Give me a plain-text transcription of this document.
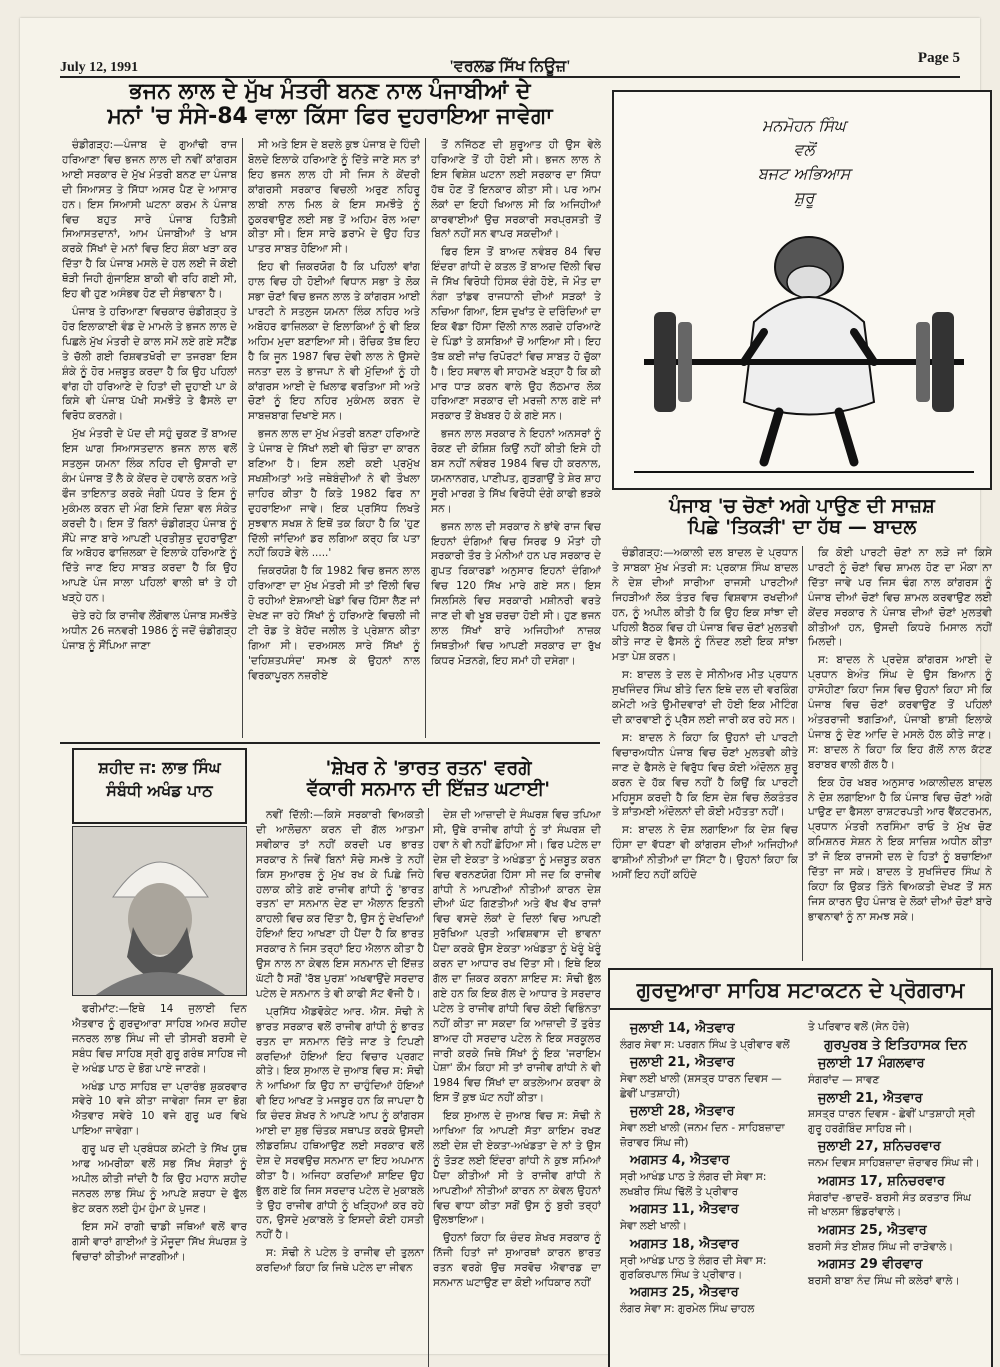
July 12, 1991	'ਵਰਲਡ ਸਿੱਖ ਨਿਊਜ਼'	Page 5
ਭਜਨ ਲਾਲ ਦੇ ਮੁੱਖ ਮੰਤਰੀ ਬਨਣ ਨਾਲ ਪੰਜਾਬੀਆਂ ਦੇ
ਮਨਾਂ 'ਚ ਸੰਸੇ-84 ਵਾਲਾ ਕਿੱਸਾ ਫਿਰ ਦੁਹਰਾਇਆ ਜਾਵੇਗਾ

ਚੰਡੀਗੜ੍ਹ:—ਪੰਜਾਬ ਦੇ ਗੁਆਂਢੀ ਰਾਜ ਹਰਿਆਣਾ ਵਿਚ ਭਜਨ ਲਾਲ ਦੀ ਨਵੀਂ ਕਾਂਗਰਸ ਆਈ ਸਰਕਾਰ ਦੇ ਮੁੱਖ ਮੰਤਰੀ ਬਨਣ ਦਾ ਪੰਜਾਬ ਦੀ ਸਿਆਸਤ ਤੇ ਸਿੱਧਾ ਅਸਰ ਪੈਣ ਦੇ ਆਸਾਰ ਹਨ। ਇਸ ਸਿਆਸੀ ਘਟਨਾ ਕਰਮ ਨੇ ਪੰਜਾਬ ਵਿਚ ਬਹੁਤ ਸਾਰੇ ਪੰਜਾਬ ਹਿਤੈਸ਼ੀ ਸਿਆਸਤਦਾਨਾਂ, ਆਮ ਪੰਜਾਬੀਆਂ ਤੇ ਖਾਸ ਕਰਕੇ ਸਿੱਖਾਂ ਦੇ ਮਨਾਂ ਵਿਚ ਇਹ ਸ਼ੰਕਾ ਖੜਾ ਕਰ ਦਿੱਤਾ ਹੈ ਕਿ ਪੰਜਾਬ ਮਸਲੇ ਦੇ ਹਲ ਲਈ ਜੋ ਕੋਈ ਥੋੜੀ ਜਿਹੀ ਗੁੰਜਾਇਸ਼ ਬਾਕੀ ਵੀ ਰਹਿ ਗਈ ਸੀ, ਇਹ ਵੀ ਹੁਣ ਅਸੰਭਵ ਹੋਣ ਦੀ ਸੰਭਾਵਨਾ ਹੈ।

ਪੰਜਾਬ ਤੇ ਹਰਿਆਣਾ ਵਿਚਕਾਰ ਚੰਡੀਗੜ੍ਹ ਤੇ ਹੋਰ ਇਲਾਕਾਈ ਵੰਡ ਦੇ ਮਾਮਲੇ ਤੇ ਭਜਨ ਲਾਲ ਦੇ ਪਿਛਲੇ ਮੁੱਖ ਮੰਤਰੀ ਦੇ ਕਾਲ ਸਮੇਂ ਲਏ ਗਏ ਸਟੈਂਡ ਤੇ ਚੱਲੀ ਗਈ ਰਿਸ਼ਵਤਖੋਰੀ ਦਾ ਤਜਰਬਾ ਇਸ ਸ਼ੰਕੇ ਨੂੰ ਹੋਰ ਮਜ਼ਬੂਤ ਕਰਦਾ ਹੈ ਕਿ ਉਹ ਪਹਿਲਾਂ ਵਾਂਗ ਹੀ ਹਰਿਆਣੇ ਦੇ ਹਿਤਾਂ ਦੀ ਦੁਹਾਈ ਪਾ ਕੇ ਕਿਸੇ ਵੀ ਪੰਜਾਬ ਪੱਖੀ ਸਮਝੌਤੇ ਤੇ ਫੈਸਲੇ ਦਾ ਵਿਰੋਧ ਕਰਨਗੇ।

ਮੁੱਖ ਮੰਤਰੀ ਦੇ ਪੱਦ ਦੀ ਸਹੁੰ ਚੁਕਣ ਤੋਂ ਬਾਅਦ ਇਸ ਘਾਗ ਸਿਆਸਤਦਾਨ ਭਜਨ ਲਾਲ ਵਲੋਂ ਸਤਲੁਜ ਯਮਨਾ ਲਿੰਕ ਨਹਿਰ ਦੀ ਉਸਾਰੀ ਦਾ ਕੰਮ ਪੰਜਾਬ ਤੋਂ ਲੈ ਕੇ ਕੇਂਦਰ ਦੇ ਹਵਾਲੇ ਕਰਨ ਅਤੇ ਫੌਜ ਤਾਇਨਾਤ ਕਰਕੇ ਜੰਗੀ ਪੱਧਰ ਤੇ ਇਸ ਨੂੰ ਮੁਕੰਮਲ ਕਰਨ ਦੀ ਮੰਗ ਇਸੇ ਦਿਸ਼ਾ ਵਲ ਸੰਕੇਤ ਕਰਦੀ ਹੈ। ਇਸ ਤੋਂ ਬਿਨਾਂ ਚੰਡੀਗੜ੍ਹ ਪੰਜਾਬ ਨੂੰ ਸੌਂਪੇ ਜਾਣ ਬਾਰੇ ਆਪਣੀ ਪ੍ਰਤੀਸ਼ੁਤ ਦੁਹਰਾਉਣਾ ਕਿ ਅਬੋਹਰ ਫਾਜ਼ਿਲਕਾ ਦੇ ਇਲਾਕੇ ਹਰਿਆਣੇ ਨੂੰ ਦਿੱਤੇ ਜਾਣ ਇਹ ਸਾਬਤ ਕਰਦਾ ਹੈ ਕਿ ਉਹ ਆਪਣੇ ਪੰਜ ਸਾਲਾ ਪਹਿਲਾਂ ਵਾਲੀ ਥਾਂ ਤੇ ਹੀ ਖੜ੍ਹੇ ਹਨ।

ਚੇਤੇ ਰਹੇ ਕਿ ਰਾਜੀਵ ਲੌਂਗੋਵਾਲ ਪੰਜਾਬ ਸਮਝੌਤੇ ਅਧੀਨ 26 ਜਨਵਰੀ 1986 ਨੂੰ ਜਦੋਂ ਚੰਡੀਗੜ੍ਹ ਪੰਜਾਬ ਨੂੰ ਸੌਂਪਿਆ ਜਾਣਾ

ਸੀ ਅਤੇ ਇਸ ਦੇ ਬਦਲੇ ਕੁਝ ਪੰਜਾਬ ਦੇ ਹਿੰਦੀ ਬੋਲਦੇ ਇਲਾਕੇ ਹਰਿਆਣੇ ਨੂੰ ਦਿੱਤੇ ਜਾਣੇ ਸਨ ਤਾਂ ਇਹ ਭਜਨ ਲਾਲ ਹੀ ਸੀ ਜਿਸ ਨੇ ਕੇਂਦਰੀ ਕਾਂਗਰਸੀ ਸਰਕਾਰ ਵਿਚਲੀ ਅਰੁਣ ਨਹਿਰੂ ਲਾਬੀ ਨਾਲ ਮਿਲ ਕੇ ਇਸ ਸਮਝੌਤੇ ਨੂੰ ਠੁਕਰਵਾਉਣ ਲਈ ਸਭ ਤੋਂ ਅਹਿਮ ਰੋਲ ਅਦਾ ਕੀਤਾ ਸੀ। ਇਸ ਸਾਰੇ ਡਰਾਮੇ ਦੇ ਉਹ ਹਿਤ ਪਾਤਰ ਸਾਬਤ ਹੋਇਆ ਸੀ।

ਇਹ ਵੀ ਜ਼ਿਕਰਯੋਗ ਹੈ ਕਿ ਪਹਿਲਾਂ ਵਾਂਗ ਹਾਲ ਵਿਚ ਹੀ ਹੋਈਆਂ ਵਿਧਾਨ ਸਭਾ ਤੇ ਲੋਕ ਸਭਾ ਚੋਣਾਂ ਵਿਚ ਭਜਨ ਲਾਲ ਤੇ ਕਾਂਗਰਸ ਆਈ ਪਾਰਟੀ ਨੇ ਸਤਲੁਜ ਯਮਨਾ ਲਿੰਕ ਨਹਿਰ ਅਤੇ ਅਬੋਹਰ ਫਾਜ਼ਿਲਕਾ ਦੇ ਇਲਾਕਿਆਂ ਨੂੰ ਵੀ ਇਕ ਅਹਿਮ ਮੁਦਾ ਬਣਾਇਆ ਸੀ। ਰੌਚਿਕ ਤੱਥ ਇਹ ਹੈ ਕਿ ਜੂਨ 1987 ਵਿਚ ਦੇਵੀ ਲਾਲ ਨੇ ਉਸਦੇ ਜਨਤਾ ਦਲ ਤੇ ਭਾਜਪਾ ਨੇ ਵੀ ਮੁੱਦਿਆਂ ਨੂੰ ਹੀ ਕਾਂਗਰਸ ਆਈ ਦੇ ਖਿਲਾਫ ਵਰਤਿਆ ਸੀ ਅਤੇ ਚੋਣਾਂ ਨੂੰ ਇਹ ਨਹਿਰ ਮੁਕੰਮਲ ਕਰਨ ਦੇ ਸਾਬਜ਼ਬਾਗ ਦਿਖਾਏ ਸਨ।

ਭਜਨ ਲਾਲ ਦਾ ਮੁੱਖ ਮੰਤਰੀ ਬਨਣਾ ਹਰਿਆਣੇ ਤੇ ਪੰਜਾਬ ਦੇ ਸਿੱਖਾਂ ਲਈ ਵੀ ਚਿੰਤਾ ਦਾ ਕਾਰਨ ਬਣਿਆ ਹੈ। ਇਸ ਲਈ ਕਈ ਪ੍ਰਮੁੱਖ ਸਖਸ਼ੀਅਤਾਂ ਅਤੇ ਜਥੇਬੰਦੀਆਂ ਨੇ ਵੀ ਤੌਖਲਾ ਜ਼ਾਹਿਰ ਕੀਤਾ ਹੈ ਕਿਤੇ 1982 ਫਿਰ ਨਾ ਦੁਹਰਾਇਆ ਜਾਵੇ। ਇਕ ਪ੍ਰਸਿੱਧ ਲਿਖਤੇ ਸੁਝਵਾਨ ਸਖਸ਼ ਨੇ ਇਥੋਂ ਤਕ ਕਿਹਾ ਹੈ ਕਿ 'ਹੁਣ ਦਿੱਲੀ ਜਾਂਦਿਆਂ ਡਰ ਲਗਿਆ ਕਰ੍ਹ ਕਿ ਪਤਾ ਨਹੀਂ ਕਿਹੜੇ ਵੇਲੇ .....'

ਜ਼ਿਕਰਯੋਗ ਹੈ ਕਿ 1982 ਵਿਚ ਭਜਨ ਲਾਲ ਹਰਿਆਣਾ ਦਾ ਮੁੱਖ ਮੰਤਰੀ ਸੀ ਤਾਂ ਦਿੱਲੀ ਵਿਚ ਹੋ ਰਹੀਆਂ ਏਸ਼ਆਈ ਖੇਡਾਂ ਵਿਚ ਹਿੱਸਾ ਲੈਣ ਜਾਂ ਦੇਖਣ ਜਾ ਰਹੇ ਸਿੱਖਾਂ ਨੂੰ ਹਰਿਆਣੇ ਵਿਚਲੀ ਜੀ ਟੀ ਰੋਡ ਤੇ ਬੇਹੱਦ ਜਲੀਲ ਤੇ ਪ੍ਰੇਸ਼ਾਨ ਕੀਤਾ ਗਿਆ ਸੀ। ਦਰਅਸਲ ਸਾਰੇ ਸਿੱਖਾਂ ਨੂੰ 'ਦਹਿਸ਼ਤਪਸੰਦ' ਸਮਝ ਕੇ ਉਹਨਾਂ ਨਾਲ ਵਿਰਕਾਪੂਰਨ ਨਜ਼ਰੀਏ

ਤੋਂ ਨਜਿੱਠਣ ਦੀ ਸ਼ੁਰੂਆਤ ਹੀ ਉਸ ਵੇਲੇ ਹਰਿਆਣੇ ਤੋਂ ਹੀ ਹੋਈ ਸੀ। ਭਜਨ ਲਾਲ ਨੇ ਇਸ ਵਿਸ਼ੇਸ਼ ਘਟਨਾ ਲਈ ਸਰਕਾਰ ਦਾ ਸਿੱਧਾ ਹੱਥ ਹੋਣ ਤੋਂ ਇਨਕਾਰ ਕੀਤਾ ਸੀ। ਪਰ ਆਮ ਲੋਕਾਂ ਦਾ ਇਹੀ ਖਿਆਲ ਸੀ ਕਿ ਅਜਿਹੀਆਂ ਕਾਰਵਾਈਆਂ ਉਚ ਸਰਕਾਰੀ ਸਰਪ੍ਰਸਤੀ ਤੋਂ ਬਿਨਾਂ ਨਹੀਂ ਸਨ ਵਾਪਰ ਸਕਦੀਆਂ।

ਫਿਰ ਇਸ ਤੋਂ ਬਾਅਦ ਨਵੰਬਰ 84 ਵਿਚ ਇੰਦਰਾ ਗਾਂਧੀ ਦੇ ਕਤਲ ਤੋਂ ਬਾਅਦ ਦਿੱਲੀ ਵਿਚ ਜੋ ਸਿੱਖ ਵਿਰੋਧੀ ਹਿੰਸਕ ਦੰਗੇ ਹੋਏ, ਜੋ ਮੌਤ ਦਾ ਨੰਗਾ ਤਾਂਡਵ ਰਾਜਧਾਨੀ ਦੀਆਂ ਸੜਕਾਂ ਤੇ ਨਚਿਆ ਗਿਆ, ਇਸ ਦੁਖਾਂਤ ਦੇ ਦਰਿੰਦਿਆਂ ਦਾ ਇਕ ਵੱਡਾ ਹਿੱਸਾ ਦਿੱਲੀ ਨਾਲ ਲਗਦੇ ਹਰਿਆਣੇ ਦੇ ਪਿੰਡਾਂ ਤੇ ਕਸਬਿਆਂ ਚੋਂ ਆਇਆ ਸੀ। ਇਹ ਤੱਥ ਕਈ ਜਾਂਚ ਰਿਪੋਰਟਾਂ ਵਿਚ ਸਾਬਤ ਹੋ ਚੁੱਕਾ ਹੈ। ਇਹ ਸਵਾਲ ਵੀ ਸਾਹਮਣੇ ਖੜ੍ਹਾ ਹੈ ਕਿ ਕੀ ਮਾਰ ਧਾੜ ਕਰਨ ਵਾਲੇ ਉਹ ਲੱਠਮਾਰ ਲੋਕ ਹਰਿਆਣਾ ਸਰਕਾਰ ਦੀ ਮਰਜ਼ੀ ਨਾਲ ਗਏ ਜਾਂ ਸਰਕਾਰ ਤੋਂ ਬੇਖਬਰ ਹੋ ਕੇ ਗਏ ਸਨ।

ਭਜਨ ਲਾਲ ਸਰਕਾਰ ਨੇ ਇਹਨਾਂ ਅਨਸਰਾਂ ਨੂੰ ਰੋਕਣ ਦੀ ਕੋਸ਼ਿਸ਼ ਕਿਉਂ ਨਹੀਂ ਕੀਤੀ ਇਸੇ ਹੀ ਬਸ ਨਹੀਂ ਨਵੰਬਰ 1984 ਵਿਚ ਹੀ ਕਰਨਾਲ, ਯਮਨਾਨਗਰ, ਪਾਣੀਪਤ, ਗੁੜਗਾਉਂ ਤੇ ਸ਼ੇਰ ਸ਼ਾਹ ਸੂਰੀ ਮਾਰਗ ਤੇ ਸਿੱਖ ਵਿਰੋਧੀ ਦੰਗੇ ਕਾਫੀ ਭੜਕੇ ਸਨ।

ਭਜਨ ਲਾਲ ਦੀ ਸਰਕਾਰ ਨੇ ਭਾਂਵੇ ਰਾਜ ਵਿਚ ਇਹਨਾਂ ਦੰਗਿਆਂ ਵਿਚ ਸਿਰਫ 9 ਮੌਤਾਂ ਹੀ ਸਰਕਾਰੀ ਤੌਰ ਤੇ ਮੰਨੀਆਂ ਹਨ ਪਰ ਸਰਕਾਰ ਦੇ ਗੁਪਤ ਰਿਕਾਰਡਾਂ ਅਨੁਸਾਰ ਇਹਨਾਂ ਦੰਗਿਆਂ ਵਿਚ 120 ਸਿੱਖ ਮਾਰੇ ਗਏ ਸਨ। ਇਸ ਸਿਲਸਿਲੇ ਵਿਚ ਸਰਕਾਰੀ ਮਸ਼ੀਨਰੀ ਵਰਤੇ ਜਾਣ ਦੀ ਵੀ ਖੂਬ ਚਰਚਾ ਹੋਈ ਸੀ। ਹੁਣ ਭਜਨ ਲਾਲ ਸਿੱਖਾਂ ਬਾਰੇ ਅਜਿਹੀਆਂ ਨਾਜ਼ਕ ਸਿਥਤੀਆਂ ਵਿਚ ਆਪਣੀ ਸਰਕਾਰ ਦਾ ਰੁੱਖ ਕਿਧਰ ਮੋੜਨਗੇ, ਇਹ ਸਮਾਂ ਹੀ ਦਸੇਗਾ।

ਮਨਮੋਹਨ ਸਿੰਘ
ਵਲੋਂ
ਬਜਟ ਅਭਿਆਸ
ਸ਼ੁਰੂ
ਪੰਜਾਬ 'ਚ ਚੋਣਾਂ ਅਗੇ ਪਾਉਣ ਦੀ ਸਾਜ਼ਸ਼
ਪਿਛੇ 'ਤਿਕੜੀ' ਦਾ ਹੱਥ — ਬਾਦਲ

ਚੰਡੀਗੜ੍ਹ:—ਅਕਾਲੀ ਦਲ ਬਾਦਲ ਦੇ ਪ੍ਰਧਾਨ ਤੇ ਸਾਬਕਾ ਮੁੱਖ ਮੰਤਰੀ ਸ: ਪ੍ਰਕਾਸ਼ ਸਿੰਘ ਬਾਦਲ ਨੇ ਦੇਸ਼ ਦੀਆਂ ਸਾਰੀਆ ਰਾਜਸੀ ਪਾਰਟੀਆਂ ਜਿਹੜੀਆਂ ਲੋਕ ਤੰਤਰ ਵਿਚ ਵਿਸ਼ਵਾਸ ਰਖਦੀਆਂ ਹਨ, ਨੂੰ ਅਪੀਲ ਕੀਤੀ ਹੈ ਕਿ ਉਹ ਇਕ ਸਾਂਝਾ ਦੀ ਪਹਿਲੀ ਬੈਠਕ ਵਿਚ ਹੀ ਪੰਜਾਬ ਵਿਚ ਚੋਣਾਂ ਮੁਲਤਵੀ ਕੀਤੇ ਜਾਣ ਦੇ ਫੈਸਲੇ ਨੂੰ ਨਿੰਦਣ ਲਈ ਇਕ ਸਾਂਝਾ ਮਤਾ ਪੇਸ਼ ਕਰਨ।

ਸ: ਬਾਦਲ ਤੇ ਦਲ ਦੇ ਸੀਨੀਅਰ ਮੀਤ ਪ੍ਰਧਾਨ ਸੁਖਜਿੰਦਰ ਸਿੰਘ ਬੀਤੇ ਦਿਨ ਇਥੇ ਦਲ ਦੀ ਵਰਕਿੰਗ ਕਮੇਟੀ ਅਤੇ ਉਮੀਦਵਾਰਾਂ ਦੀ ਹੋਈ ਇਕ ਮੀਟਿੰਗ ਦੀ ਕਾਰਵਾਈ ਨੂੰ ਪ੍ਰੈਸ ਲਈ ਜਾਰੀ ਕਰ ਰਹੇ ਸਨ।

ਸ: ਬਾਦਲ ਨੇ ਕਿਹਾ ਕਿ ਉਹਨਾਂ ਦੀ ਪਾਰਟੀ ਵਿਚਾਰਅਧੀਨ ਪੰਜਾਬ ਵਿਚ ਚੋਣਾਂ ਮੁਲਤਵੀ ਕੀਤੇ ਜਾਣ ਦੇ ਫੈਸਲੇ ਦੇ ਵਿਰੁੱਧ ਵਿਚ ਕੋਈ ਅੰਦੋਲਨ ਸ਼ੁਰੂ ਕਰਨ ਦੇ ਹੱਕ ਵਿਚ ਨਹੀਂ ਹੈ ਕਿਉਂ ਕਿ ਪਾਰਟੀ ਮਹਿਸੂਸ ਕਰਦੀ ਹੈ ਕਿ ਇਸ ਦੇਸ਼ ਵਿਚ ਲੋਕਤੰਤਰ ਤੇ ਸ਼ਾਂਤਮਈ ਅੰਦੋਲਨਾਂ ਦੀ ਕੋਈ ਮਹੱਤਤਾ ਨਹੀਂ।

ਸ: ਬਾਦਲ ਨੇ ਦੋਸ਼ ਲਗਾਇਆ ਕਿ ਦੇਸ਼ ਵਿਚ ਹਿੰਸਾ ਦਾ ਵੱਧਣਾ ਵੀ ਕਾਂਗਰਸ ਦੀਆਂ ਅਜਿਹੀਆਂ ਫਾਸ਼ੀਆਂ ਨੀਤੀਆਂ ਦਾ ਸਿੱਟਾ ਹੈ। ਉਹਨਾਂ ਕਿਹਾ ਕਿ ਅਸੀਂ ਇਹ ਨਹੀਂ ਕਹਿੰਦੇ

ਕਿ ਕੋਈ ਪਾਰਟੀ ਚੋਣਾਂ ਨਾ ਲੜੇ ਜਾਂ ਕਿਸੇ ਪਾਰਟੀ ਨੂੰ ਚੋਣਾਂ ਵਿਚ ਸ਼ਾਮਲ ਹੋਣ ਦਾ ਮੌਕਾ ਨਾ ਦਿੱਤਾ ਜਾਵੇ ਪਰ ਜਿਸ ਢੰਗ ਨਾਲ ਕਾਂਗਰਸ ਨੂੰ ਪੰਜਾਬ ਦੀਆਂ ਚੋਣਾਂ ਵਿਚ ਸ਼ਾਮਲ ਕਰਵਾਉਣ ਲਈ ਕੇਂਦਰ ਸਰਕਾਰ ਨੇ ਪੰਜਾਬ ਦੀਆਂ ਚੋਣਾਂ ਮੁਲਤਵੀ ਕੀਤੀਆਂ ਹਨ, ਉਸਦੀ ਕਿਧਰੇ ਮਿਸਾਲ ਨਹੀਂ ਮਿਲਦੀ।

ਸ: ਬਾਦਲ ਨੇ ਪ੍ਰਦੇਸ਼ ਕਾਂਗਰਸ ਆਈ ਦੇ ਪ੍ਰਧਾਨ ਬੇਅੰਤ ਸਿੰਘ ਦੇ ਉਸ ਬਿਆਨ ਨੂੰ ਹਾਸੋਹੀਣਾ ਕਿਹਾ ਜਿਸ ਵਿਚ ਉਹਨਾਂ ਕਿਹਾ ਸੀ ਕਿ ਪੰਜਾਬ ਵਿਚ ਚੋਣਾਂ ਕਰਵਾਉਣ ਤੋਂ ਪਹਿਲਾਂ ਅੰਤਰਰਾਜੀ ਝਗੜਿਆਂ, ਪੰਜਾਬੀ ਭਾਸ਼ੀ ਇਲਾਕੇ ਪੰਜਾਬ ਨੂੰ ਦੇਣ ਆਦਿ ਦੇ ਮਸਲੇ ਹੱਲ ਕੀਤੇ ਜਾਣ। ਸ: ਬਾਦਲ ਨੇ ਕਿਹਾ ਕਿ ਇਹ ਗੱਲੋਂ ਨਾਲ ਕੱਟਣ ਬਰਾਬਰ ਵਾਲੀ ਗੱਲ ਹੈ।

ਇਕ ਹੋਰ ਖਬਰ ਅਨੁਸਾਰ ਅਕਾਲੀਦਲ ਬਾਦਲ ਨੇ ਦੋਸ਼ ਲਗਾਇਆ ਹੈ ਕਿ ਪੰਜਾਬ ਵਿਚ ਚੋਣਾਂ ਅਗੇ ਪਾਉਣ ਦਾ ਫੈਸਲਾ ਰਾਸ਼ਟਰਪਤੀ ਆਰ ਵੈਂਕਟਰਮਨ, ਪ੍ਰਧਾਨ ਮੰਤਰੀ ਨਰਸਿੰਮਾ ਰਾਓ ਤੇ ਮੁੱਖ ਚੋਣ ਕਮਿਸ਼ਨਰ ਸੇਸ਼ਨ ਨੇ ਇਕ ਸਾਜ਼ਿਸ਼ ਅਧੀਨ ਕੀਤਾ ਤਾਂ ਜੋ ਇਕ ਰਾਜਸੀ ਦਲ ਦੇ ਹਿਤਾਂ ਨੂੰ ਬਚਾਇਆ ਦਿੱਤਾ ਜਾ ਸਕੇ। ਬਾਦਲ ਤੇ ਸੁਖਜਿੰਦਰ ਸਿੰਘ ਨੇ ਕਿਹਾ ਕਿ ਉਕਤ ਤਿੰਨੇ ਵਿਅਕਤੀ ਦੇਖਣ ਤੋਂ ਸਨ ਜਿਸ ਕਾਰਨ ਉਹ ਪੰਜਾਬ ਦੇ ਲੋਕਾਂ ਦੀਆਂ ਚੋਣਾਂ ਬਾਰੇ ਭਾਵਨਾਵਾਂ ਨੂੰ ਨਾ ਸਮਝ ਸਕੇ।

ਸ਼ਹੀਦ ਜ: ਲਾਭ ਸਿੰਘ
ਸੰਬੰਧੀ ਅਖੰਡ ਪਾਠ

ਫਰੀਮਾਂਟ:—ਇਥੇ 14 ਜੁਲਾਈ ਦਿਨ ਐਤਵਾਰ ਨੂੰ ਗੁਰਦੁਆਰਾ ਸਾਹਿਬ ਅਮਰ ਸ਼ਹੀਦ ਜਨਰਲ ਲਾਭ ਸਿੰਘ ਜੀ ਦੀ ਤੀਸਰੀ ਬਰਸੀ ਦੇ ਸਬੰਧ ਵਿਚ ਸਾਹਿਬ ਸ੍ਰੀ ਗੁਰੂ ਗਰੰਥ ਸਾਹਿਬ ਜੀ ਦੇ ਅਖੰਡ ਪਾਠ ਦੇ ਭੋਗ ਪਾਏ ਜਾਣਗੇ।

ਅਖੰਡ ਪਾਠ ਸਾਹਿਬ ਦਾ ਪ੍ਰਾਰੰਭ ਸ਼ੁਕਰਵਾਰ ਸਵੇਰੇ 10 ਵਜੇ ਕੀਤਾ ਜਾਵੇਗਾ ਜਿਸ ਦਾ ਭੋਗ ਐਤਵਾਰ ਸਵੇਰੇ 10 ਵਜੇ ਗੁਰੂ ਘਰ ਵਿਖੇ ਪਾਇਆ ਜਾਵੇਗਾ।

ਗੁਰੂ ਘਰ ਦੀ ਪ੍ਰਬੰਧਕ ਕਮੇਟੀ ਤੇ ਸਿੱਖ ਯੂਥ ਆਫ ਅਮਰੀਕਾ ਵਲੋਂ ਸਭ ਸਿੱਖ ਸੰਗਤਾਂ ਨੂੰ ਅਪੀਲ ਕੀਤੀ ਜਾਂਦੀ ਹੈ ਕਿ ਉਹ ਮਹਾਨ ਸ਼ਹੀਦ ਜਨਰਲ ਲਾਭ ਸਿੰਘ ਨੂੰ ਆਪਣੇ ਸ਼ਰਧਾ ਦੇ ਫੁੱਲ ਭੇਟ ਕਰਨ ਲਈ ਹੁੰਮ ਹੁੰਮਾ ਕੇ ਪੁਜਣ।

ਇਸ ਸਮੇਂ ਰਾਗੀ ਢਾਡੀ ਜਥਿਆਂ ਵਲੋਂ ਵਾਰ ਗਸੀ ਵਾਰਾਂ ਗਾਈਆਂ ਤੇ ਮੌਜੂਦਾ ਸਿੱਖ ਸੰਘਰਸ਼ ਤੇ ਵਿਚਾਰਾਂ ਕੀਤੀਆਂ ਜਾਣਗੀਆਂ।

'ਸ਼ੇਖਰ ਨੇ 'ਭਾਰਤ ਰਤਨ' ਵਰਗੇ
ਵੱਕਾਰੀ ਸਨਮਾਨ ਦੀ ਇੱਜ਼ਤ ਘਟਾਈ'

ਨਵੀਂ ਦਿੱਲੀ:—ਕਿਸੇ ਸਰਕਾਰੀ ਵਿਅਕਤੀ ਦੀ ਆਲੋਚਨਾ ਕਰਨ ਦੀ ਗੱਲ ਆਤਮਾ ਸਵੀਕਾਰ ਤਾਂ ਨਹੀਂ ਕਰਦੀ ਪਰ ਭਾਰਤ ਸਰਕਾਰ ਨੇ ਜਿਵੇਂ ਬਿਨਾਂ ਸੋਚੇ ਸਮਝੇ ਤੇ ਨਹੀਂ ਕਿਸ ਸੁਆਰਥ ਨੂੰ ਮੁੱਖ ਰਖ ਕੇ ਪਿਛੇ ਜਿਹੇ ਹਲਾਕ ਕੀਤੇ ਗਏ ਰਾਜੀਵ ਗਾਂਧੀ ਨੂੰ 'ਭਾਰਤ ਰਤਨ' ਦਾ ਸਨਮਾਨ ਦੇਣ ਦਾ ਐਲਾਨ ਇਤਨੀ ਕਾਹਲੀ ਵਿਚ ਕਰ ਦਿੱਤਾ ਹੈ, ਉਸ ਨੂੰ ਦੇਖਦਿਆਂ ਹੋਇਆਂ ਇਹ ਆਖਣਾ ਹੀ ਪੈਂਦਾ ਹੈ ਕਿ ਭਾਰਤ ਸਰਕਾਰ ਨੇ ਜਿਸ ਤਰ੍ਹਾਂ ਇਹ ਐਲਾਨ ਕੀਤਾ ਹੈ ਉਸ ਨਾਲ ਨਾ ਕੇਵਲ ਇਸ ਸਨਮਾਨ ਦੀ ਇੱਜ਼ਤ ਘੱਟੀ ਹੈ ਸਗੋਂ 'ਰੱਬ ਪੁਰਸ਼' ਅਖਵਾਉਂਦੇ ਸਰਦਾਰ ਪਟੇਲ ਦੇ ਸਨਮਾਨ ਤੇ ਵੀ ਕਾਫੀ ਸੱਟ ਵੱਜੀ ਹੈ।

ਪ੍ਰਸਿੱਧ ਐਡਵੋਕੇਟ ਆਰ. ਐਸ. ਸੋਢੀ ਨੇ ਭਾਰਤ ਸਰਕਾਰ ਵਲੋਂ ਰਾਜੀਵ ਗਾਂਧੀ ਨੂੰ ਭਾਰਤ ਰਤਨ ਦਾ ਸਨਮਾਨ ਦਿੱਤੇ ਜਾਣ ਤੇ ਟਿਪਣੀ ਕਰਦਿਆਂ ਹੋਇਆਂ ਇਹ ਵਿਚਾਰ ਪ੍ਰਗਟ ਕੀਤੇ। ਇਕ ਸੁਆਲ ਦੇ ਜੁਆਬ ਵਿਚ ਸ: ਸੋਢੀ ਨੇ ਆਖਿਆ ਕਿ ਉਹ ਨਾ ਚਾਹੁੰਦਿਆਂ ਹੋਇਆਂ ਵੀ ਇਹ ਆਖਣ ਤੇ ਮਜਬੂਰ ਹਨ ਕਿ ਜਾਪਦਾ ਹੈ ਕਿ ਚੰਦਰ ਸ਼ੇਖਰ ਨੇ ਆਪਣੇ ਆਪ ਨੂੰ ਕਾਂਗਰਸ ਆਈ ਦਾ ਸ਼ੁਭ ਚਿੰਤਕ ਸਥਾਪਤ ਕਰਕੇ ਉਸਦੀ ਲੀਡਰਸ਼ਿਪ ਹਥਿਆਉਣ ਲਈ ਸਰਕਾਰ ਵਲੋਂ ਦੇਸ਼ ਦੇ ਸਰਵਉਚ ਸਨਮਾਨ ਦਾ ਇਹ ਅਪਮਾਨ ਕੀਤਾ ਹੈ। ਅਜਿਹਾ ਕਰਦਿਆਂ ਸ਼ਾਇਦ ਉਹ ਭੁੱਲ ਗਏ ਕਿ ਜਿਸ ਸਰਦਾਰ ਪਟੇਲ ਦੇ ਮੁਕਾਬਲੇ ਤੇ ਉਹ ਰਾਜੀਵ ਗਾਂਧੀ ਨੂੰ ਖੜ੍ਹਿਆਂ ਕਰ ਰਹੇ ਹਨ, ਉਸਦੇ ਮੁਕਾਬਲੇ ਤੇ ਇਸਦੀ ਕੋਈ ਹਸਤੀ ਨਹੀਂ ਹੈ।

ਸ: ਸੋਢੀ ਨੇ ਪਟੇਲ ਤੇ ਰਾਜੀਵ ਦੀ ਤੁਲਨਾ ਕਰਦਿਆਂ ਕਿਹਾ ਕਿ ਜਿਥੇ ਪਟੇਲ ਦਾ ਜੀਵਨ

ਦੇਸ਼ ਦੀ ਆਜ਼ਾਦੀ ਦੇ ਸੰਘਰਸ਼ ਵਿਚ ਤਪਿਆ ਸੀ, ਉਥੇ ਰਾਜੀਵ ਗਾਂਧੀ ਨੂੰ ਤਾਂ ਸੰਘਰਸ਼ ਦੀ ਹਵਾ ਨੇ ਵੀ ਨਹੀਂ ਛੋਹਿਆ ਸੀ। ਫਿਰ ਪਟੇਲ ਦਾ ਦੇਸ਼ ਦੀ ਏਕਤਾ ਤੇ ਅਖੰਡਤਾ ਨੂੰ ਮਜ਼ਬੂਤ ਕਰਨ ਵਿਚ ਵਰਨਣਯੋਗ ਹਿੱਸਾ ਸੀ ਜਦ ਕਿ ਰਾਜੀਵ ਗਾਂਧੀ ਨੇ ਆਪਣੀਆਂ ਨੀਤੀਆਂ ਕਾਰਨ ਦੇਸ਼ ਦੀਆਂ ਘੱਟ ਗਿਣਤੀਆਂ ਅਤੇ ਵੱਖ ਵੱਖ ਰਾਜਾਂ ਵਿਚ ਵਸਦੇ ਲੋਕਾਂ ਦੇ ਦਿਲਾਂ ਵਿਚ ਆਪਣੀ ਸੁਰੱਖਿਆ ਪ੍ਰਤੀ ਅਵਿਸ਼ਵਾਸ ਦੀ ਭਾਵਨਾ ਪੈਦਾ ਕਰਕੇ ਉਸ ਏਕਤਾ ਅਖੰਡਤਾ ਨੂੰ ਖੇਰੂੰ ਖੇਰੂੰ ਕਰਨ ਦਾ ਆਧਾਰ ਰਖ ਦਿੱਤਾ ਸੀ। ਇਥੇ ਇਕ ਗੱਲ ਦਾ ਜ਼ਿਕਰ ਕਰਨਾ ਸ਼ਾਇਦ ਸ: ਸੋਢੀ ਭੁੱਲ ਗਏ ਹਨ ਕਿ ਇਕ ਗੱਲ ਦੇ ਆਧਾਰ ਤੇ ਸਰਦਾਰ ਪਟੇਲ ਤੇ ਰਾਜੀਵ ਗਾਂਧੀ ਵਿਚ ਕੋਈ ਵਿਭਿੰਨਤਾ ਨਹੀਂ ਕੀਤਾ ਜਾ ਸਕਦਾ ਕਿ ਆਜ਼ਾਦੀ ਤੋਂ ਤੁਰੰਤ ਬਾਅਦ ਹੀ ਸਰਦਾਰ ਪਟੇਲ ਨੇ ਇਕ ਸਰਕੂਲਰ ਜਾਰੀ ਕਰਕੇ ਜਿਥੇ ਸਿੱਖਾਂ ਨੂੰ ਇਕ 'ਜਰਾਇਮ ਪੇਸ਼ਾ' ਕੌਮ ਕਿਹਾ ਸੀ ਤਾਂ ਰਾਜੀਵ ਗਾਂਧੀ ਨੇ ਵੀ 1984 ਵਿਚ ਸਿੱਖਾਂ ਦਾ ਕਤਲੇਆਮ ਕਰਵਾ ਕੇ ਇਸ ਤੋਂ ਕੁਝ ਘੱਟ ਨਹੀਂ ਕੀਤਾ।

ਇਕ ਸੁਆਲ ਦੇ ਜੁਆਬ ਵਿਚ ਸ: ਸੋਢੀ ਨੇ ਆਖਿਆ ਕਿ ਆਪਣੀ ਸੱਤਾ ਕਾਇਮ ਰਖਣ ਲਈ ਦੇਸ਼ ਦੀ ਏਕਤਾ-ਅਖੰਡਤਾ ਦੇ ਨਾਂ ਤੇ ਉਸ ਨੂੰ ਤੋੜਣ ਲਈ ਇੰਦਰਾ ਗਾਂਧੀ ਨੇ ਕੁਝ ਸਮਿਆਂ ਪੈਦਾ ਕੀਤੀਆਂ ਸੀ ਤੇ ਰਾਜੀਵ ਗਾਂਧੀ ਨੇ ਆਪਣੀਆਂ ਨੀਤੀਆਂ ਕਾਰਨ ਨਾ ਕੇਵਲ ਉਹਨਾਂ ਵਿਚ ਵਾਧਾ ਕੀਤਾ ਸਗੋਂ ਉਸ ਨੂੰ ਬੁਰੀ ਤਰ੍ਹਾਂ ਉਲਝਾਇਆ।

ਉਹਨਾਂ ਕਿਹਾ ਕਿ ਚੰਦਰ ਸ਼ੇਖਰ ਸਰਕਾਰ ਨੂੰ ਨਿੱਜੀ ਹਿਤਾਂ ਜਾਂ ਸੁਆਰਥਾਂ ਕਾਰਨ ਭਾਰਤ ਰਤਨ ਵਰਗੇ ਉਚ ਸਰਵੋਚ ਐਵਾਰਡ ਦਾ ਸਨਮਾਨ ਘਟਾਉਣ ਦਾ ਕੋਈ ਅਧਿਕਾਰ ਨਹੀਂ

ਗੁਰਦੁਆਰਾ ਸਾਹਿਬ ਸਟਾਕਟਨ ਦੇ ਪ੍ਰੋਗਰਾਮ
ਜੁਲਾਈ 14, ਐਤਵਾਰ
ਲੰਗਰ ਸੇਵਾ ਸ: ਪਰਗਨ ਸਿੰਘ ਤੇ ਪ੍ਰੀਵਾਰ ਵਲੋਂ
ਜੁਲਾਈ 21, ਐਤਵਾਰ
ਸੇਵਾ ਲਈ ਖਾਲੀ (ਸ਼ਸਤ੍ਰ ਧਾਰਨ ਦਿਵਸ — ਛੇਵੀਂ ਪਾਤਸ਼ਾਹੀ)
ਜੁਲਾਈ 28, ਐਤਵਾਰ
ਸੇਵਾ ਲਈ ਖਾਲੀ (ਜਨਮ ਦਿਨ - ਸਾਹਿਬਜ਼ਾਦਾ ਜ਼ੋਰਾਵਰ ਸਿੰਘ ਜੀ)
ਅਗਸਤ 4, ਐਤਵਾਰ
ਸ੍ਰੀ ਆਖੰਡ ਪਾਠ ਤੇ ਲੰਗਰ ਦੀ ਸੇਵਾ ਸ: ਲਖਬੀਰ ਸਿੰਘ ਢਿੱਲੋਂ ਤੇ ਪ੍ਰੀਵਾਰ
ਅਗਸਤ 11, ਐਤਵਾਰ
ਸੇਵਾ ਲਈ ਖਾਲੀ।
ਅਗਸਤ 18, ਐਤਵਾਰ
ਸ੍ਰੀ ਆਖੰਡ ਪਾਠ ਤੇ ਲੰਗਰ ਦੀ ਸੇਵਾ ਸ: ਗੁਰਕਿਰਪਾਲ ਸਿੰਘ ਤੇ ਪ੍ਰੀਵਾਰ।
ਅਗਸਤ 25, ਐਤਵਾਰ
ਲੰਗਰ ਸੇਵਾ ਸ: ਗੁਰਮੇਲ ਸਿੰਘ ਚਾਹਲ
ਤੇ ਪਰਿਵਾਰ ਵਲੋਂ (ਸੇਨ ਹੋਜ਼ੇ)
ਗੁਰਪੁਰਬ ਤੇ ਇਤਿਹਾਸਕ ਦਿਨ
ਜੁਲਾਈ 17 ਮੰਗਲਵਾਰ
ਸੰਗਰਾਂਦ — ਸਾਵਣ
ਜੁਲਾਈ 21, ਐਤਵਾਰ
ਸ਼ਸਤ੍ਰ ਧਾਰਨ ਦਿਵਸ - ਛੇਵੀਂ ਪਾਤਸ਼ਾਹੀ ਸ੍ਰੀ ਗੁਰੂ ਹਰਗੋਬਿੰਦ ਸਾਹਿਬ ਜੀ।
ਜੁਲਾਈ 27, ਸ਼ਨਿਚਰਵਾਰ
ਜਨਮ ਦਿਵਸ ਸਾਹਿਬਜ਼ਾਦਾ ਜ਼ੋਰਾਵਰ ਸਿੰਘ ਜੀ।
ਅਗਸਤ 17, ਸ਼ਨਿਚਰਵਾਰ
ਸੰਗਰਾਂਦ -ਭਾਦਰੋਂ- ਬਰਸੀ ਸੰਤ ਕਰਤਾਰ ਸਿੰਘ ਜੀ ਖਾਲਸਾ ਭਿੰਡਰਾਂਵਾਲੇ।
ਅਗਸਤ 25, ਐਤਵਾਰ
ਬਰਸੀ ਸੰਤ ਈਸ਼ਰ ਸਿੰਘ ਜੀ ਰਾੜੇਵਾਲੇ।
ਅਗਸਤ 29 ਵੀਰਵਾਰ
ਬਰਸੀ ਬਾਬਾ ਨੰਦ ਸਿੰਘ ਜੀ ਕਲੇਰਾਂ ਵਾਲੇ।
